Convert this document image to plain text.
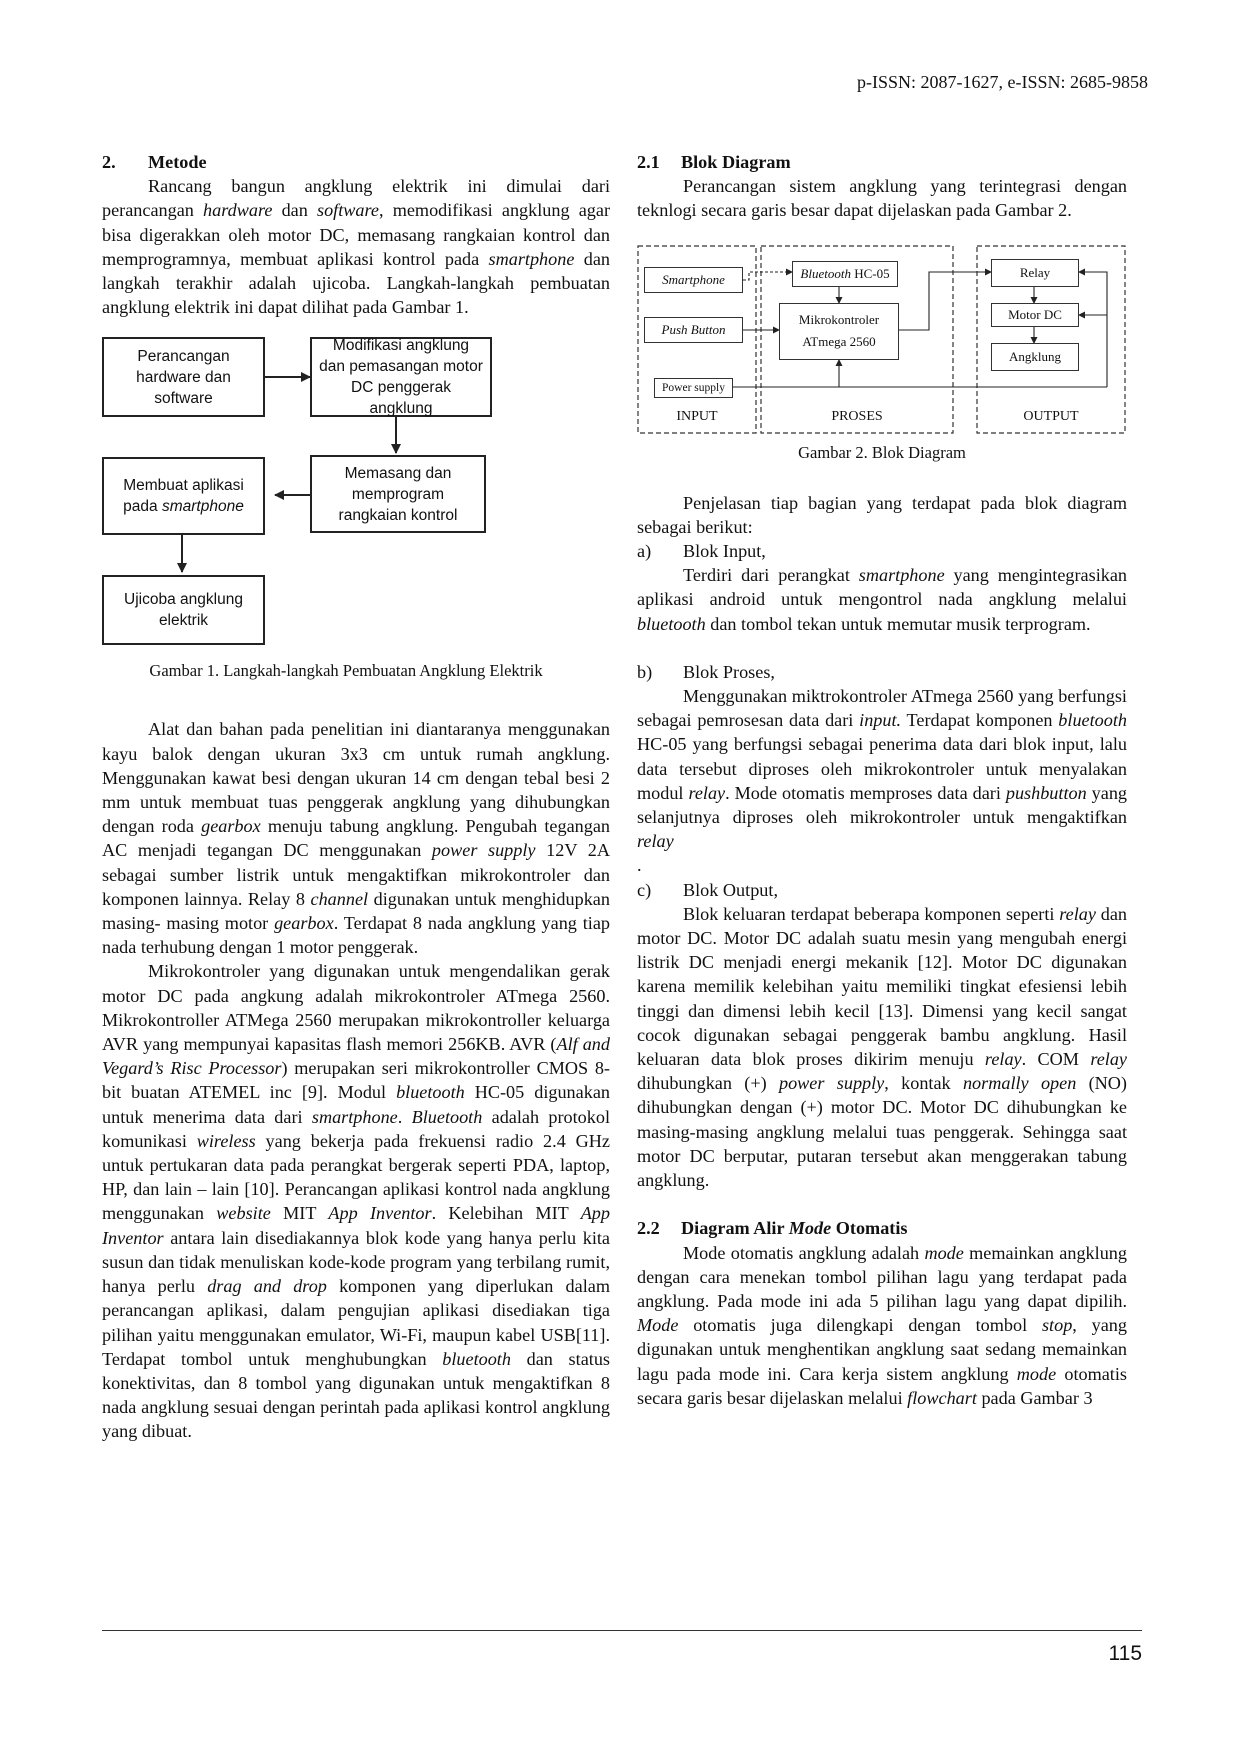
p-ISSN: 2087-1627, e-ISSN: 2685-9858

2. Metode

Rancang bangun angklung elektrik ini dimulai dari perancangan hardware dan software, memodifikasi angklung agar bisa digerakkan oleh motor DC, memasang rangkaian kontrol dan memprogramnya, membuat aplikasi kontrol pada smartphone dan langkah terakhir adalah ujicoba. Langkah-langkah pembuatan angklung elektrik ini dapat dilihat pada Gambar 1.

Perancangan hardware dan software
Modifikasi angklung dan pemasangan motor DC penggerak angklung
Membuat aplikasi pada smartphone
Memasang dan memprogram rangkaian kontrol
Ujicoba angklung elektrik

Gambar 1. Langkah-langkah Pembuatan Angklung Elektrik

Alat dan bahan pada penelitian ini diantaranya menggunakan kayu balok dengan ukuran 3x3 cm untuk rumah angklung. Menggunakan kawat besi dengan ukuran 14 cm dengan tebal besi 2 mm untuk membuat tuas penggerak angklung yang dihubungkan dengan roda gearbox menuju tabung angklung. Pengubah tegangan AC menjadi tegangan DC menggunakan power supply 12V 2A sebagai sumber listrik untuk mengaktifkan mikrokontroler dan komponen lainnya. Relay 8 channel digunakan untuk menghidupkan masing- masing motor gearbox. Terdapat 8 nada angklung yang tiap nada terhubung dengan 1 motor penggerak.

Mikrokontroler yang digunakan untuk mengendalikan gerak motor DC pada angkung adalah mikrokontroler ATmega 2560. Mikrokontroller ATMega 2560 merupakan mikrokontroller keluarga AVR yang mempunyai kapasitas flash memori 256KB. AVR (Alf and Vegard’s Risc Processor) merupakan seri mikrokontroller CMOS 8- bit buatan ATEMEL inc [9]. Modul bluetooth HC-05 digunakan untuk menerima data dari smartphone. Bluetooth adalah protokol komunikasi wireless yang bekerja pada frekuensi radio 2.4 GHz untuk pertukaran data pada perangkat bergerak seperti PDA, laptop, HP, dan lain – lain [10]. Perancangan aplikasi kontrol nada angklung menggunakan website MIT App Inventor. Kelebihan MIT App Inventor antara lain disediakannya blok kode yang hanya perlu kita susun dan tidak menuliskan kode-kode program yang terbilang rumit, hanya perlu drag and drop komponen yang diperlukan dalam perancangan aplikasi, dalam pengujian aplikasi disediakan tiga pilihan yaitu menggunakan emulator, Wi-Fi, maupun kabel USB[11]. Terdapat tombol untuk menghubungkan bluetooth dan status konektivitas, dan 8 tombol yang digunakan untuk mengaktifkan 8 nada angklung sesuai dengan perintah pada aplikasi kontrol angklung yang dibuat.

2.1 Blok Diagram

Perancangan sistem angklung yang terintegrasi dengan teknlogi secara garis besar dapat dijelaskan pada Gambar 2.

Smartphone
Push Button
Power supply
Bluetooth HC-05
Mikrokontroler
ATmega 2560
Relay
Motor DC
Angklung
INPUT	PROSES	OUTPUT

Gambar 2. Blok Diagram

Penjelasan tiap bagian yang terdapat pada blok diagram sebagai berikut:

a) Blok Input,

Terdiri dari perangkat smartphone yang mengintegrasikan aplikasi android untuk mengontrol nada angklung melalui bluetooth dan tombol tekan untuk memutar musik terprogram.

b) Blok Proses,

Menggunakan miktrokontroler ATmega 2560 yang berfungsi sebagai pemrosesan data dari input. Terdapat komponen bluetooth HC-05 yang berfungsi sebagai penerima data dari blok input, lalu data tersebut diproses oleh mikrokontroler untuk menyalakan modul relay. Mode otomatis memproses data dari pushbutton yang selanjutnya diproses oleh mikrokontroler untuk mengaktifkan relay

.

c) Blok Output,

Blok keluaran terdapat beberapa komponen seperti relay dan motor DC. Motor DC adalah suatu mesin yang mengubah energi listrik DC menjadi energi mekanik [12]. Motor DC digunakan karena memilik kelebihan yaitu memiliki tingkat efesiensi lebih tinggi dan dimensi lebih kecil [13]. Dimensi yang kecil sangat cocok digunakan sebagai penggerak bambu angklung. Hasil keluaran data blok proses dikirim menuju relay. COM relay dihubungkan (+) power supply, kontak normally open (NO) dihubungkan dengan (+) motor DC. Motor DC dihubungkan ke masing-masing angklung melalui tuas penggerak. Sehingga saat motor DC berputar, putaran tersebut akan menggerakan tabung angklung.

2.2 Diagram Alir Mode Otomatis

Mode otomatis angklung adalah mode memainkan angklung dengan cara menekan tombol pilihan lagu yang terdapat pada angklung. Pada mode ini ada 5 pilihan lagu yang dapat dipilih. Mode otomatis juga dilengkapi dengan tombol stop, yang digunakan untuk menghentikan angklung saat sedang memainkan lagu pada mode ini. Cara kerja sistem angklung mode otomatis secara garis besar dijelaskan melalui flowchart pada Gambar 3

115
